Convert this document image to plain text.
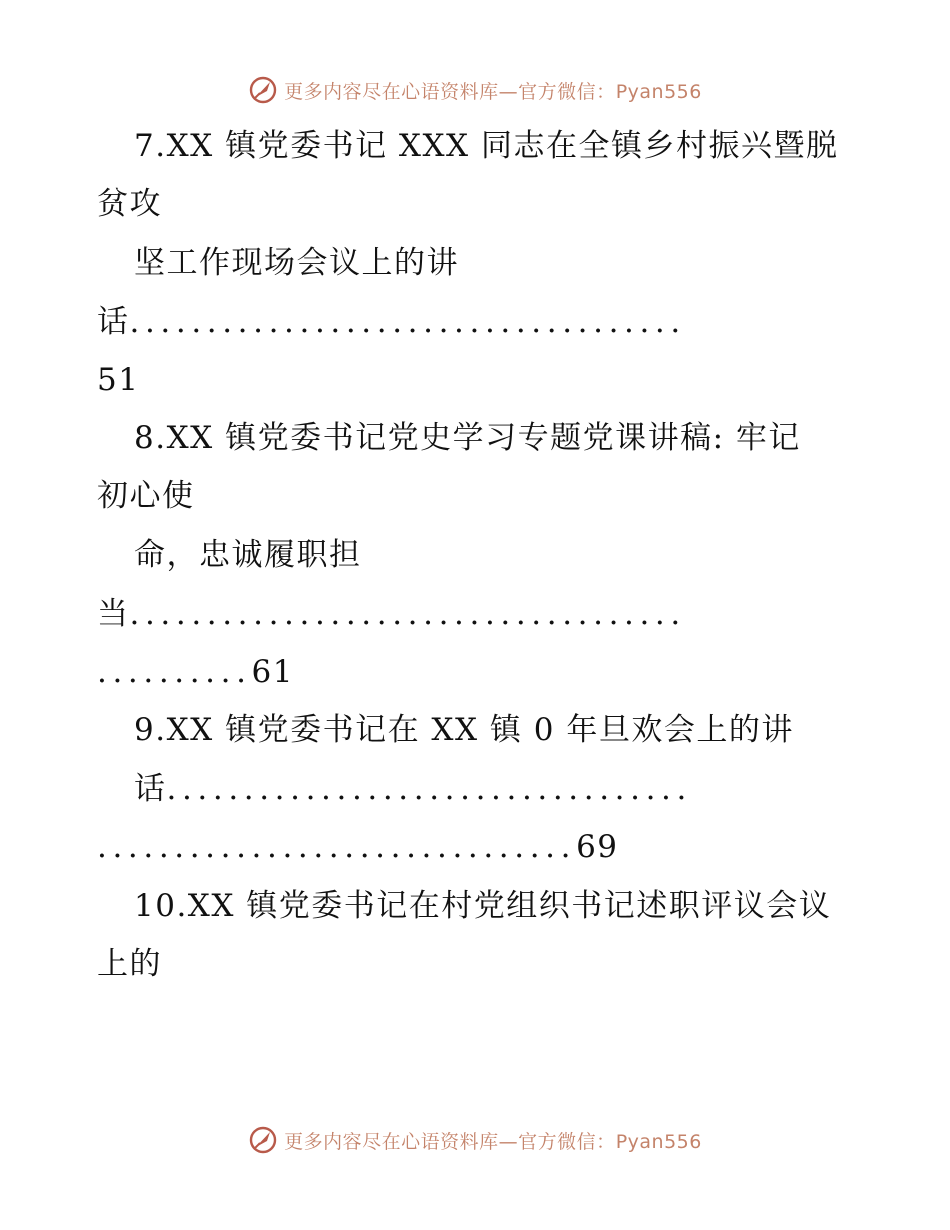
更多内容尽在心语资料库—官方微信：Pyan556
7.XX 镇党委书记 XXX 同志在全镇乡村振兴暨脱
贫攻
坚工作现场会议上的讲
话....................................
51
8.XX 镇党委书记党史学习专题党课讲稿: 牢记
初心使
命，忠诚履职担
当....................................
..........61
9.XX 镇党委书记在 XX 镇 0 年旦欢会上的讲
话..................................
...............................69
10.XX 镇党委书记在村党组织书记述职评议会议
上的
更多内容尽在心语资料库—官方微信：Pyan556
